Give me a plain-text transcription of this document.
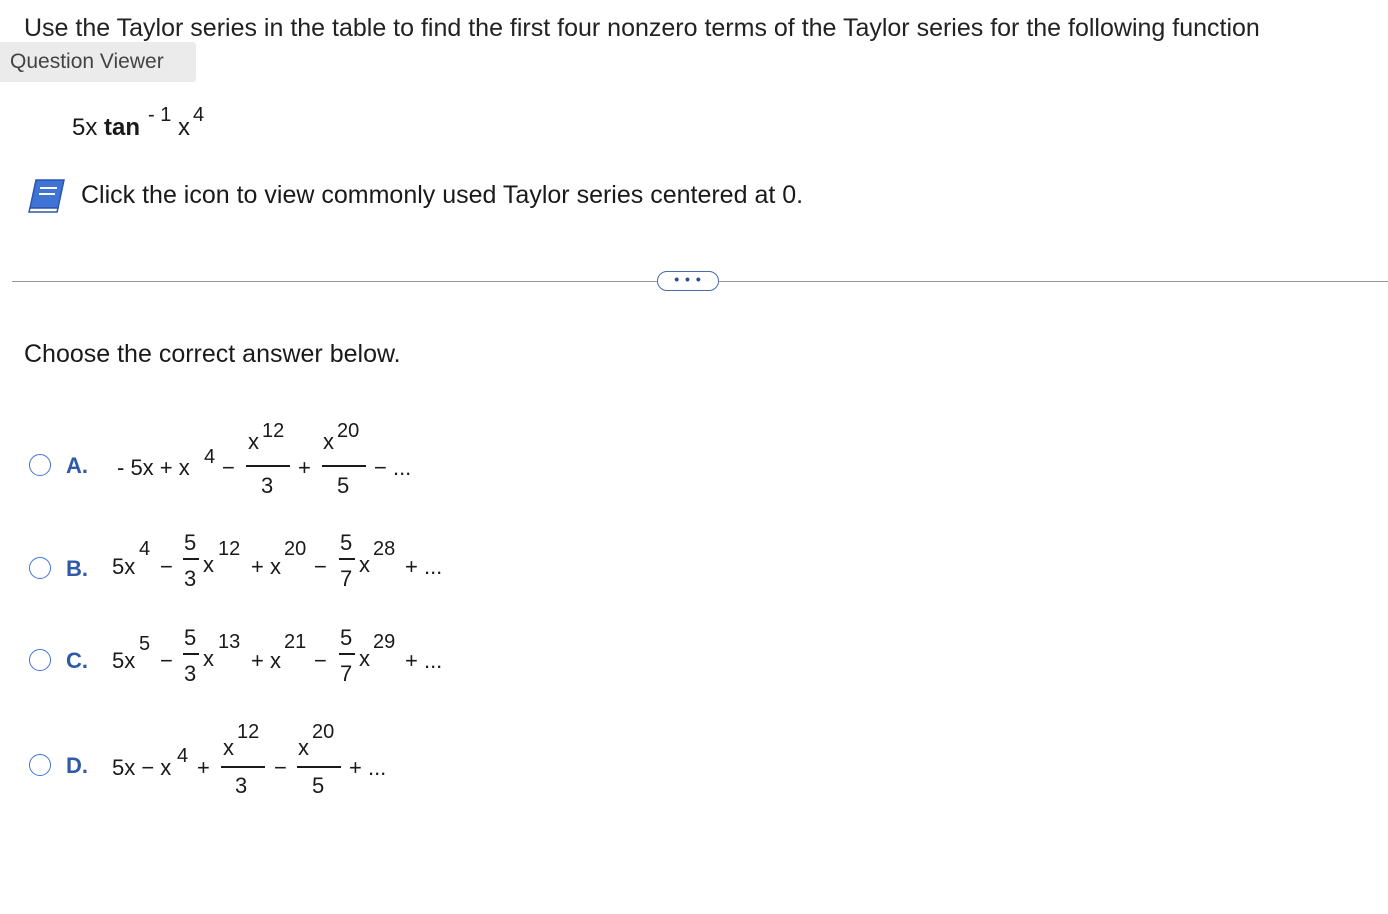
Use the Taylor series in the table to find the first four nonzero terms of the Taylor series for the following function
Question Viewer
5x tan - 1 x 4
Click the icon to view commonly used Taylor series centered at 0.
• • •
Choose the correct answer below.
A. - 5x + x 4 −
x 12
3
+
x 20
5
− ...
B. 5x
4
−
5
3
x
12
+ x
20
−
5
7
x
28
+ ...
C. 5x
5
−
5
3
x
13
+ x
21
−
5
7
x
29
+ ...
D. 5x − x 4 +
x
12
3
−
x
20
5
+ ...
